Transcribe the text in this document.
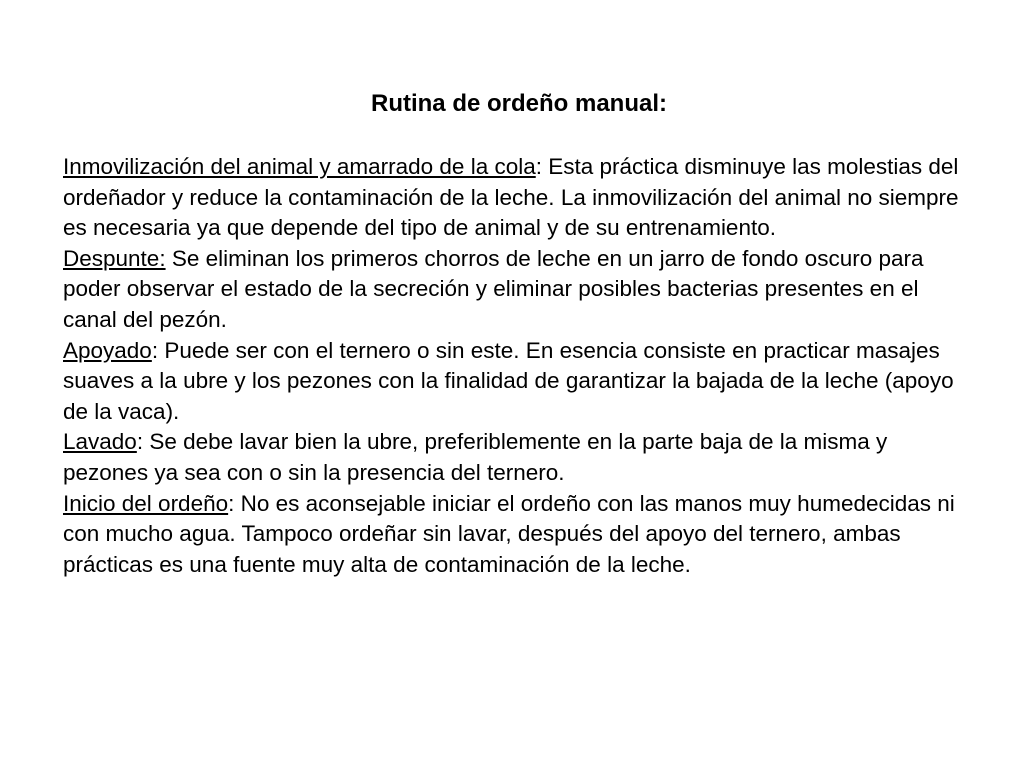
Rutina de ordeño manual:

Inmovilización del animal y amarrado de la cola: Esta práctica disminuye las molestias del ordeñador y reduce la contaminación de la leche. La inmovilización del animal no siempre es necesaria ya que depende del tipo de animal y de su entrenamiento.

Despunte: Se eliminan los primeros chorros de leche en un jarro de fondo oscuro para poder observar el estado de la secreción y eliminar posibles bacterias presentes en el canal del pezón.

Apoyado: Puede ser con el ternero o sin este. En esencia consiste en practicar masajes suaves a la ubre y los pezones con la finalidad de garantizar la bajada de la leche (apoyo de la vaca).

Lavado: Se debe lavar bien la ubre, preferiblemente en la parte baja de la misma y pezones ya sea con o sin la presencia del ternero.

Inicio del ordeño: No es aconsejable iniciar el ordeño con las manos muy humedecidas ni con mucho agua. Tampoco ordeñar sin lavar, después del apoyo del ternero, ambas prácticas es una fuente muy alta de contaminación de la leche.
